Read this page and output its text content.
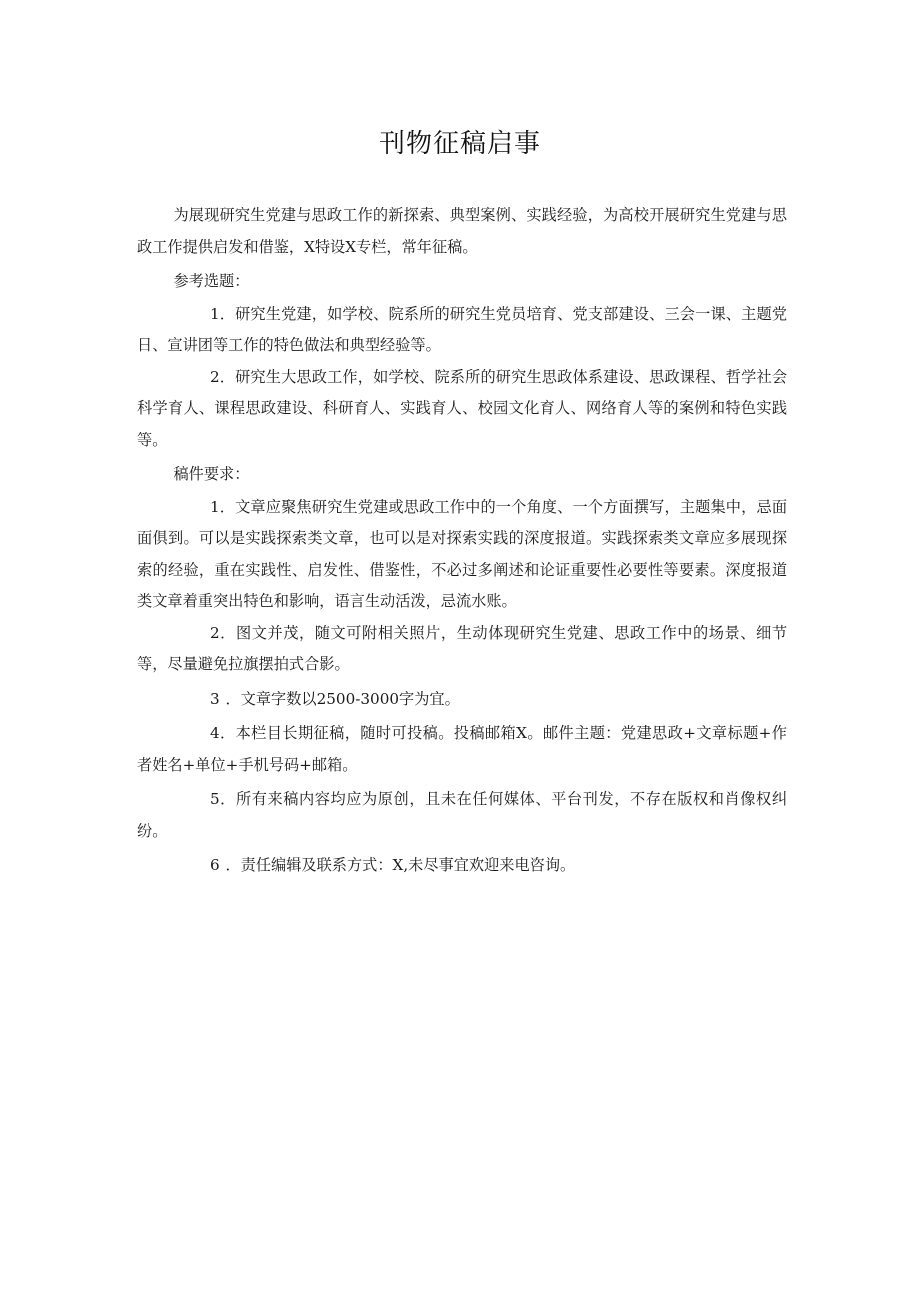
刊物征稿启事

为展现研究生党建与思政工作的新探索、典型案例、实践经验，为高校开展研究生党建与思政工作提供启发和借鉴，X特设X专栏，常年征稿。

参考选题：

1．研究生党建，如学校、院系所的研究生党员培育、党支部建设、三会一课、主题党日、宣讲团等工作的特色做法和典型经验等。

2．研究生大思政工作，如学校、院系所的研究生思政体系建设、思政课程、哲学社会科学育人、课程思政建设、科研育人、实践育人、校园文化育人、网络育人等的案例和特色实践等。

稿件要求：

1．文章应聚焦研究生党建或思政工作中的一个角度、一个方面撰写，主题集中，忌面面俱到。可以是实践探索类文章，也可以是对探索实践的深度报道。实践探索类文章应多展现探索的经验，重在实践性、启发性、借鉴性，不必过多阐述和论证重要性必要性等要素。深度报道类文章着重突出特色和影响，语言生动活泼，忌流水账。

2．图文并茂，随文可附相关照片，生动体现研究生党建、思政工作中的场景、细节等，尽量避免拉旗摆拍式合影。

3 ．文章字数以2500-3000字为宜。

4．本栏目长期征稿，随时可投稿。投稿邮箱X。邮件主题：党建思政+文章标题+作者姓名+单位+手机号码+邮箱。

5．所有来稿内容均应为原创，且未在任何媒体、平台刊发，不存在版权和肖像权纠纷。

6 ．责任编辑及联系方式：X,未尽事宜欢迎来电咨询。
